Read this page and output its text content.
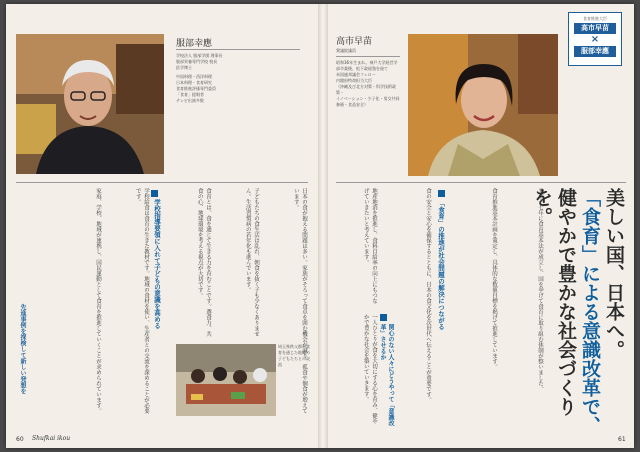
服部幸應
学校法人 服部学園 理事長
服部栄養専門学校 校長
医学博士
中国料理・西洋料理
日本料理・食育研究
食育推進評価専門委員
「食育」提唱者
テレビ出演多数
日本の食が抱える問題は多い。家族がそろって食卓を囲む機会が減り、孤食や個食が増えています。
子どもたちの食生活は乱れ、朝食を抜く子も少なくありません。生活習慣病の若年化も進んでいます。
食育とは、食を通じて生きる力を育むことです。選食力、共食の心、地球環境を考える視点が大切です。
学校給食は食育の生きた教材です。地域の食材を使い、生産者との交流を深めることが必要です。
家庭、学校、地域が連携し、国民運動として食育を推進していくことが求められています。	学校指導要領に入れて子どもの意識を高める
先進事例を探検して新しい発想を	埼玉県秩父郡の食育を通じた地域の子どもたちとの交流
60 Shufkai ikou
高市早苗
衆議院議員
昭和36年生まれ。神戸大学経営学部卒業後、松下政経塾を経て
米国連邦議会フェロー
内閣府特命担当大臣
（沖縄及び北方対策・科学技術政策・
イノベーション・少子化・男女共同参画・食品安全）
食育推進大臣
高市早苗
×
服部幸應
美しい国、日本へ。
「食育」による意識改革で、
健やかで豊かな社会づくりを。
平成十七年に食育基本法が成立し、国を挙げて食育に取り組む体制が整いました。
食育推進基本計画を策定し、具体的な数値目標を掲げて推進しています。
食の安全と安心を確保するとともに、日本の食文化を次世代へ伝えることが重要です。
地産地消を推進し、食料自給率の向上にもつなげていきたいと考えています。
一人ひとりが食を大切にする心を育み、健やかで豊かな社会を築いていきます。
「食育」の推進が社会問題の解決につながる
関心のない人々にどうやって「意識改革」させるか
61
